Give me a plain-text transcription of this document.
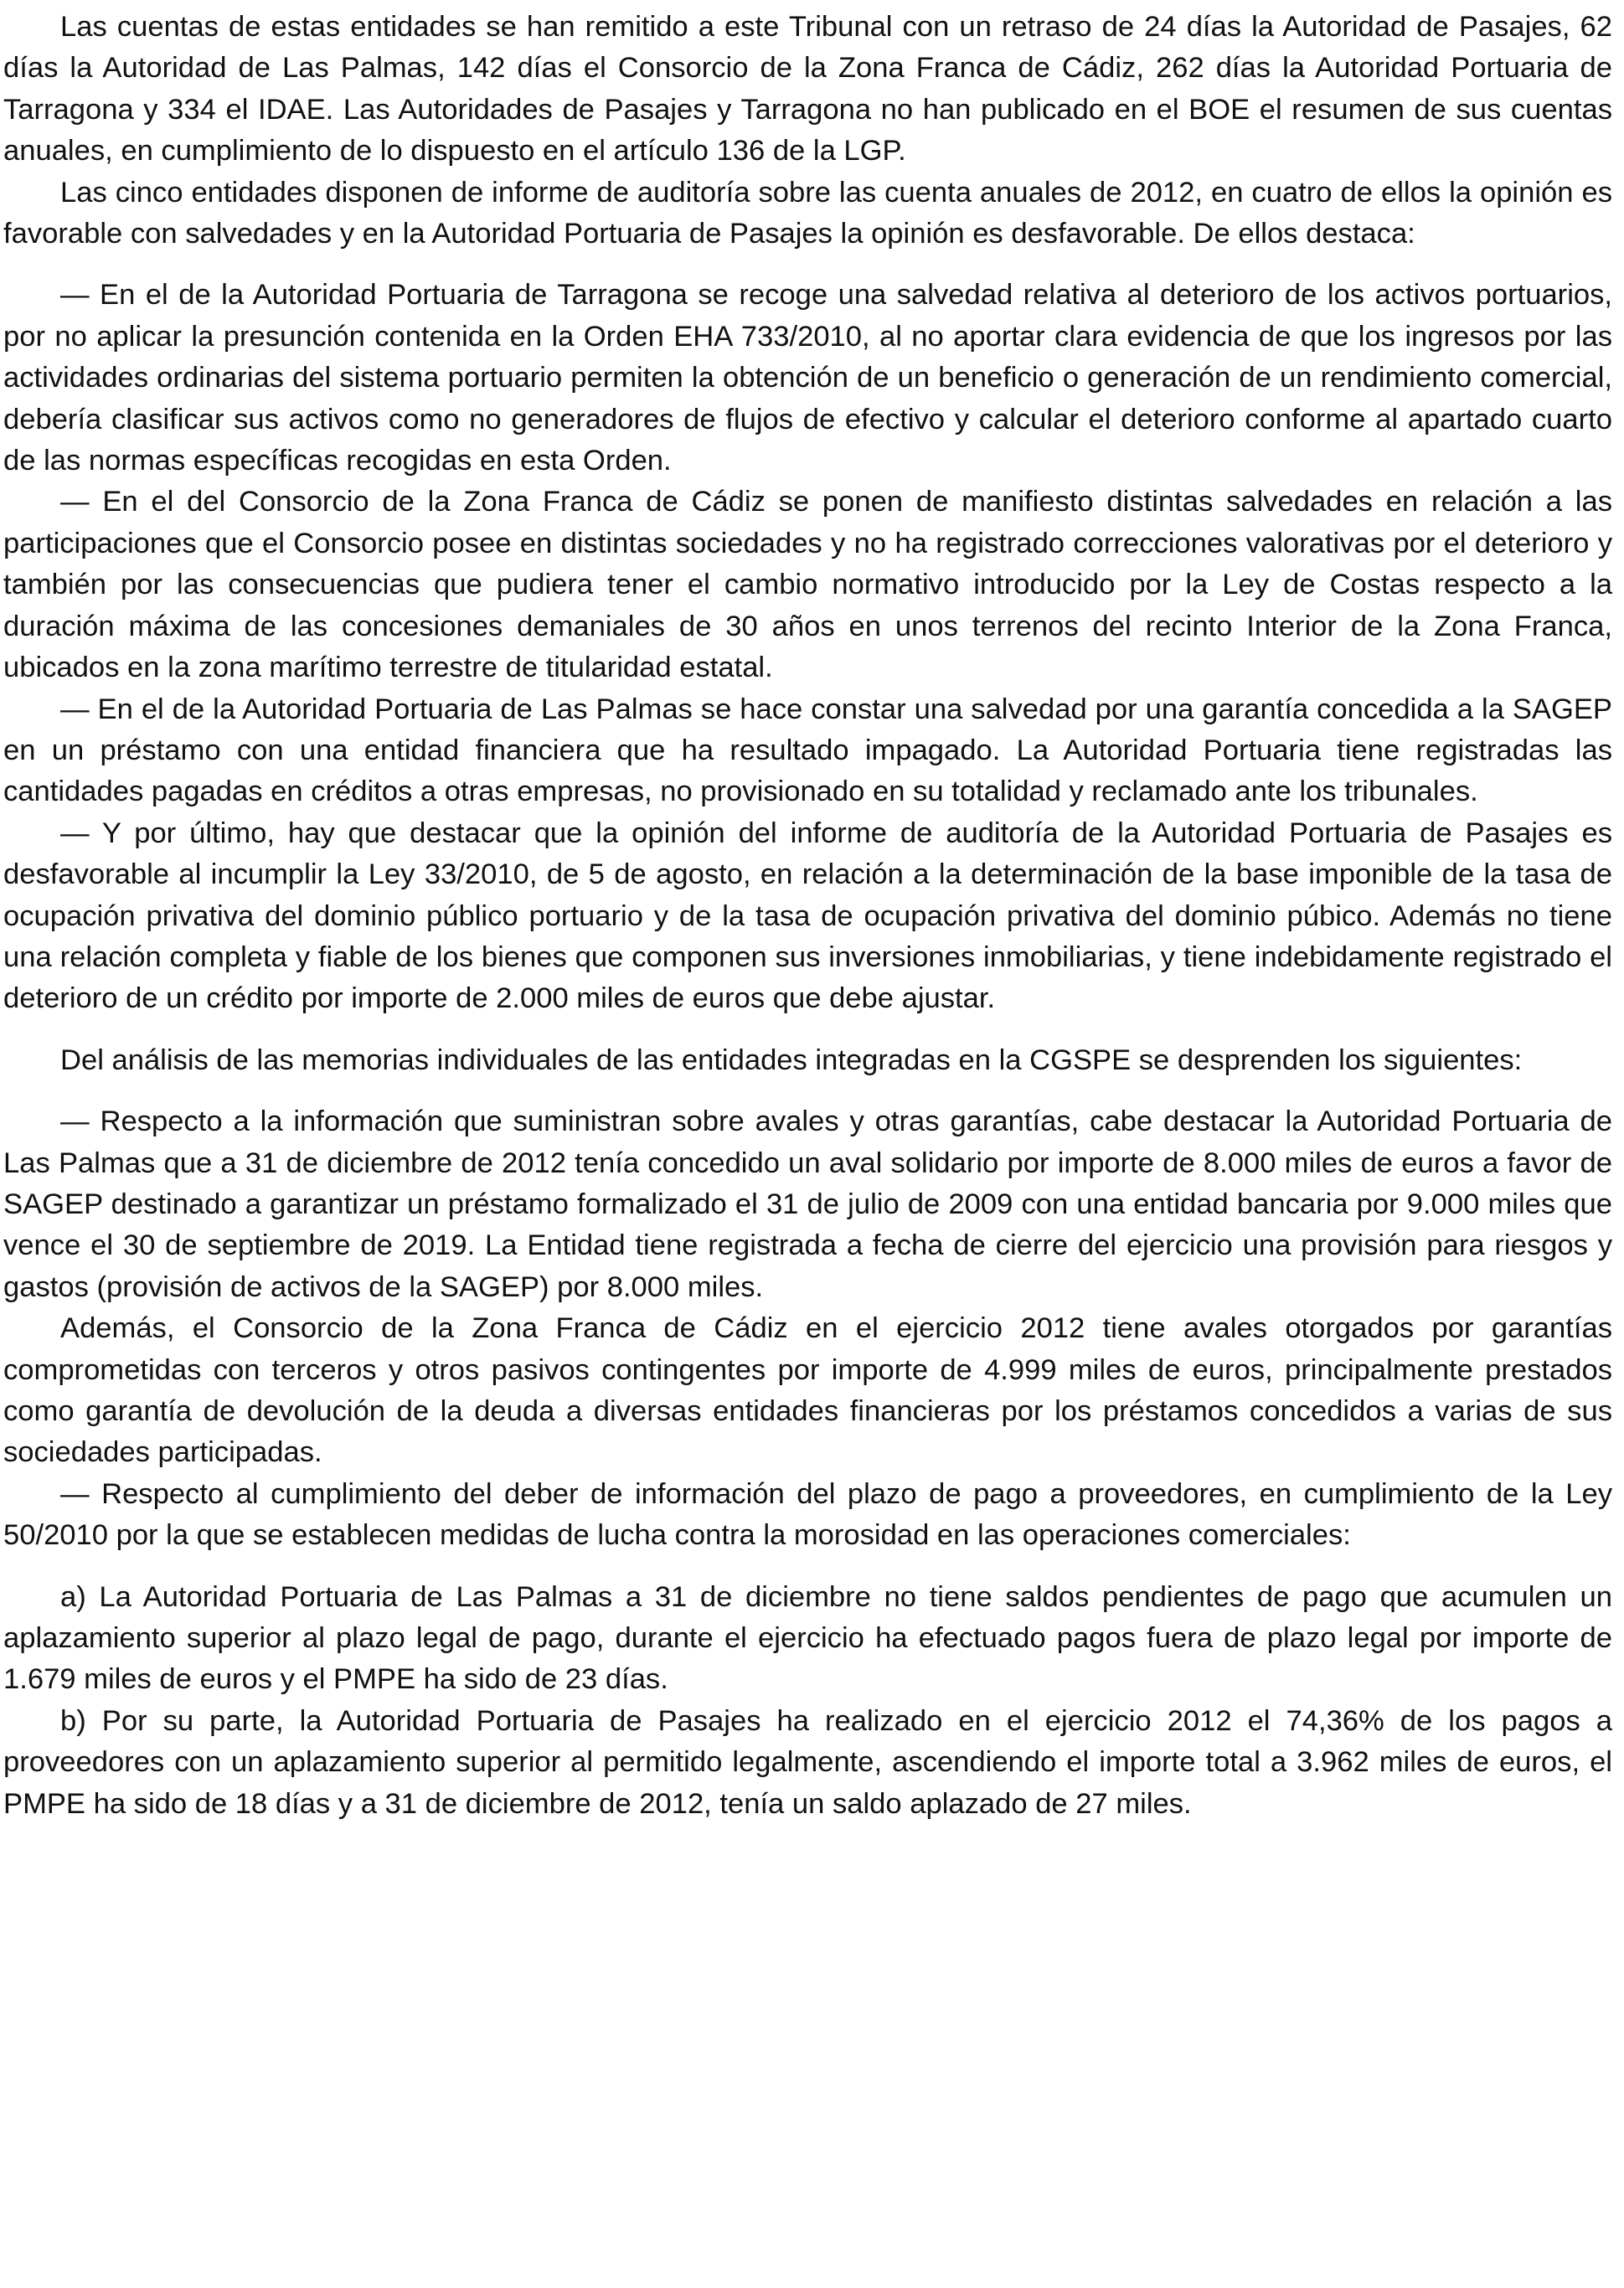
Las cuentas de estas entidades se han remitido a este Tribunal con un retraso de 24 días la Autoridad de Pasajes, 62 días la Autoridad de Las Palmas, 142 días el Consorcio de la Zona Franca de Cádiz, 262 días la Autoridad Portuaria de Tarragona y 334 el IDAE. Las Autoridades de Pasajes y Tarragona no han publicado en el BOE el resumen de sus cuentas anuales, en cumplimiento de lo dispuesto en el artículo 136 de la LGP.

Las cinco entidades disponen de informe de auditoría sobre las cuenta anuales de 2012, en cuatro de ellos la opinión es favorable con salvedades y en la Autoridad Portuaria de Pasajes la opinión es desfavorable. De ellos destaca:

— En el de la Autoridad Portuaria de Tarragona se recoge una salvedad relativa al deterioro de los activos portuarios, por no aplicar la presunción contenida en la Orden EHA 733/2010, al no aportar clara evidencia de que los ingresos por las actividades ordinarias del sistema portuario permiten la obtención de un beneficio o generación de un rendimiento comercial, debería clasificar sus activos como no generadores de flujos de efectivo y calcular el deterioro conforme al apartado cuarto de las normas específicas recogidas en esta Orden.

— En el del Consorcio de la Zona Franca de Cádiz se ponen de manifiesto distintas salvedades en relación a las participaciones que el Consorcio posee en distintas sociedades y no ha registrado correcciones valorativas por el deterioro y también por las consecuencias que pudiera tener el cambio normativo introducido por la Ley de Costas respecto a la duración máxima de las concesiones demaniales de 30 años en unos terrenos del recinto Interior de la Zona Franca, ubicados en la zona marítimo terrestre de titularidad estatal.

— En el de la Autoridad Portuaria de Las Palmas se hace constar una salvedad por una garantía concedida a la SAGEP en un préstamo con una entidad financiera que ha resultado impagado. La Autoridad Portuaria tiene registradas las cantidades pagadas en créditos a otras empresas, no provisionado en su totalidad y reclamado ante los tribunales.

— Y por último, hay que destacar que la opinión del informe de auditoría de la Autoridad Portuaria de Pasajes es desfavorable al incumplir la Ley 33/2010, de 5 de agosto, en relación a la determinación de la base imponible de la tasa de ocupación privativa del dominio público portuario y de la tasa de ocupación privativa del dominio púbico. Además no tiene una relación completa y fiable de los bienes que componen sus inversiones inmobiliarias, y tiene indebidamente registrado el deterioro de un crédito por importe de 2.000 miles de euros que debe ajustar.

Del análisis de las memorias individuales de las entidades integradas en la CGSPE se desprenden los siguientes:

— Respecto a la información que suministran sobre avales y otras garantías, cabe destacar la Autoridad Portuaria de Las Palmas que a 31 de diciembre de 2012 tenía concedido un aval solidario por importe de 8.000 miles de euros a favor de SAGEP destinado a garantizar un préstamo formalizado el 31 de julio de 2009 con una entidad bancaria por 9.000 miles que vence el 30 de septiembre de 2019. La Entidad tiene registrada a fecha de cierre del ejercicio una provisión para riesgos y gastos (provisión de activos de la SAGEP) por 8.000 miles.

Además, el Consorcio de la Zona Franca de Cádiz en el ejercicio 2012 tiene avales otorgados por garantías comprometidas con terceros y otros pasivos contingentes por importe de 4.999 miles de euros, principalmente prestados como garantía de devolución de la deuda a diversas entidades financieras por los préstamos concedidos a varias de sus sociedades participadas.

— Respecto al cumplimiento del deber de información del plazo de pago a proveedores, en cumplimiento de la Ley 50/2010 por la que se establecen medidas de lucha contra la morosidad en las operaciones comerciales:

a) La Autoridad Portuaria de Las Palmas a 31 de diciembre no tiene saldos pendientes de pago que acumulen un aplazamiento superior al plazo legal de pago, durante el ejercicio ha efectuado pagos fuera de plazo legal por importe de 1.679 miles de euros y el PMPE ha sido de 23 días.

b) Por su parte, la Autoridad Portuaria de Pasajes ha realizado en el ejercicio 2012 el 74,36% de los pagos a proveedores con un aplazamiento superior al permitido legalmente, ascendiendo el importe total a 3.962 miles de euros, el PMPE ha sido de 18 días y a 31 de diciembre de 2012, tenía un saldo aplazado de 27 miles.
